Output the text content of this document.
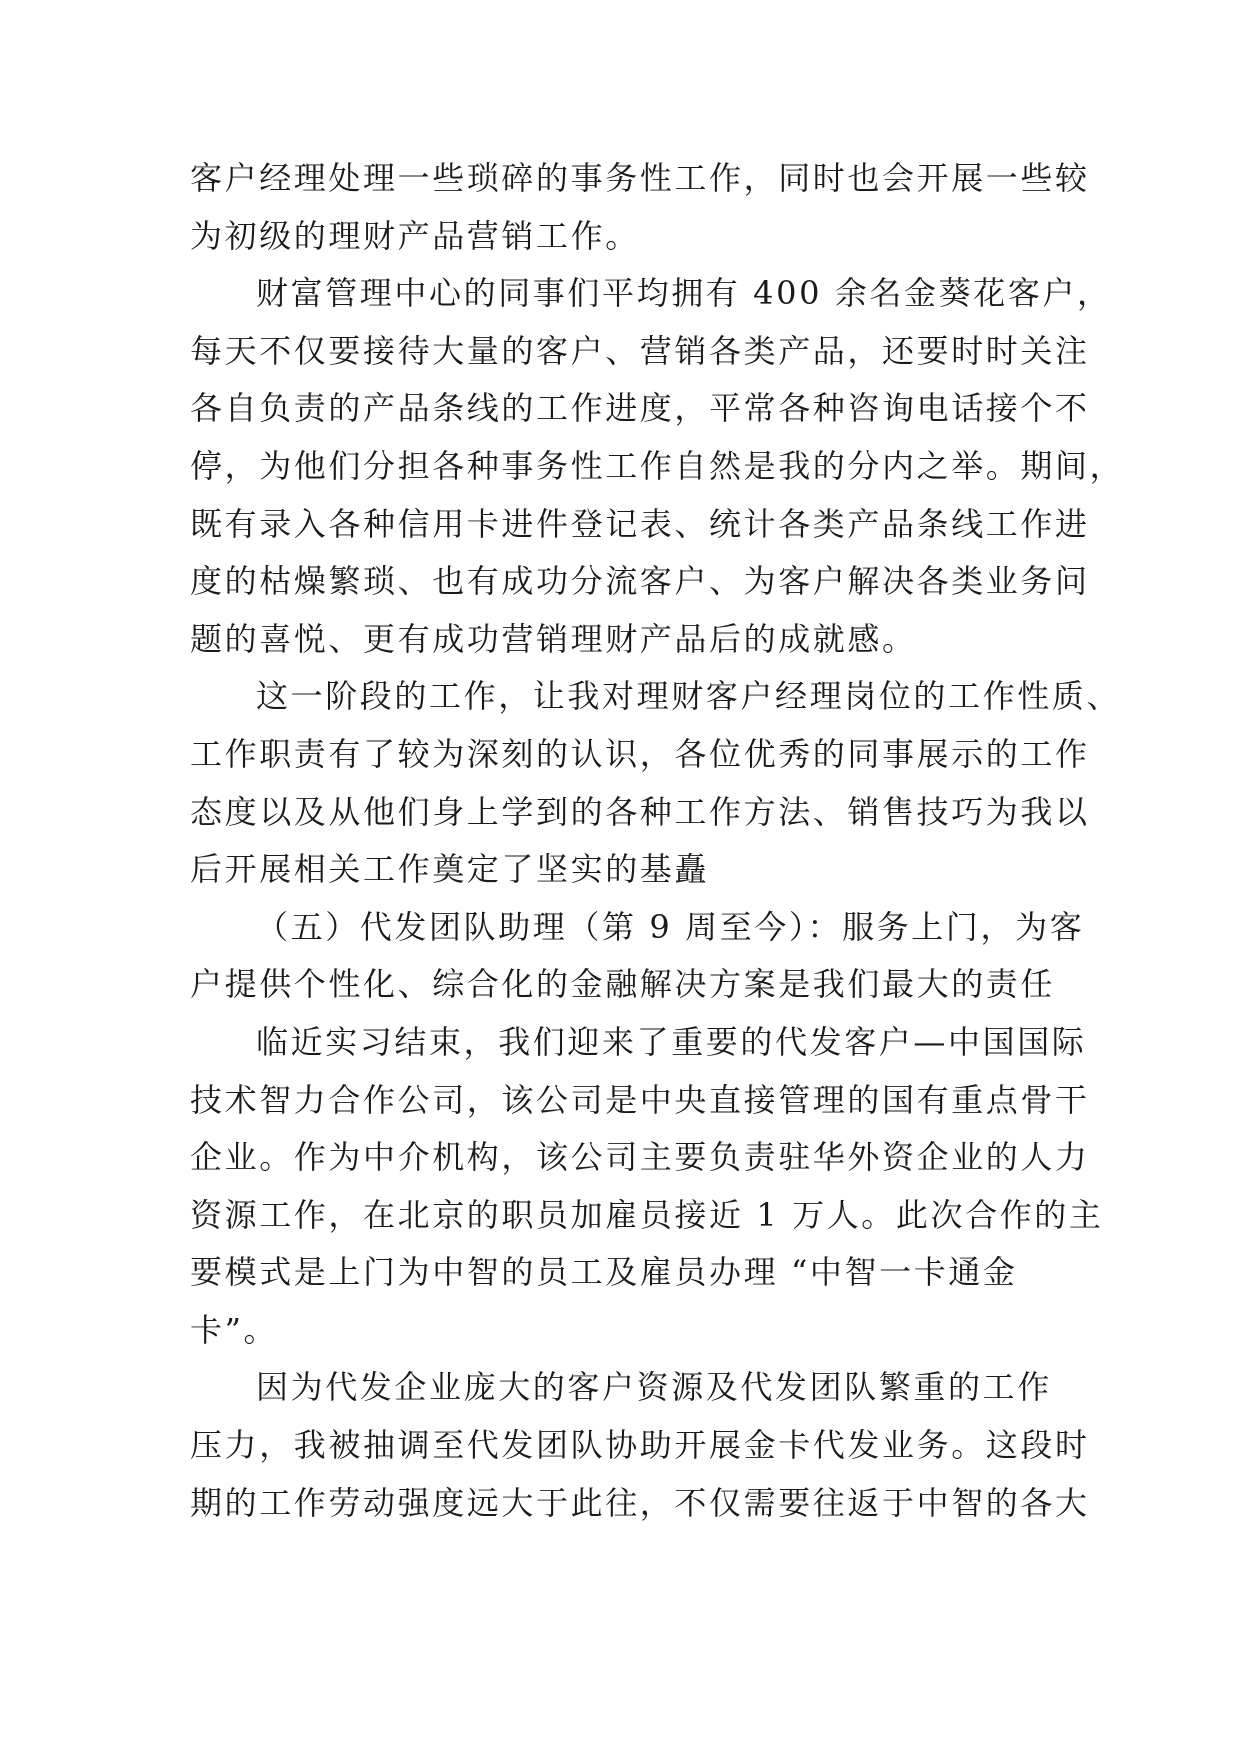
客户经理处理一些琐碎的事务性工作，同时也会开展一些较
为初级的理财产品营销工作。

财富管理中心的同事们平均拥有 400 余名金葵花客户，
每天不仅要接待大量的客户、营销各类产品，还要时时关注
各自负责的产品条线的工作进度，平常各种咨询电话接个不
停，为他们分担各种事务性工作自然是我的分内之举。期间，
既有录入各种信用卡进件登记表、统计各类产品条线工作进
度的枯燥繁琐、也有成功分流客户、为客户解决各类业务问
题的喜悦、更有成功营销理财产品后的成就感。

这一阶段的工作，让我对理财客户经理岗位的工作性质、
工作职责有了较为深刻的认识，各位优秀的同事展示的工作
态度以及从他们身上学到的各种工作方法、销售技巧为我以
后开展相关工作奠定了坚实的基矗

（五）代发团队助理（第 9 周至今）：服务上门，为客
户提供个性化、综合化的金融解决方案是我们最大的责任

临近实习结束，我们迎来了重要的代发客户—中国国际
技术智力合作公司，该公司是中央直接管理的国有重点骨干
企业。作为中介机构，该公司主要负责驻华外资企业的人力
资源工作，在北京的职员加雇员接近 1 万人。此次合作的主
要模式是上门为中智的员工及雇员办理 “中智一卡通金
卡”。

因为代发企业庞大的客户资源及代发团队繁重的工作
压力，我被抽调至代发团队协助开展金卡代发业务。这段时
期的工作劳动强度远大于此往，不仅需要往返于中智的各大
